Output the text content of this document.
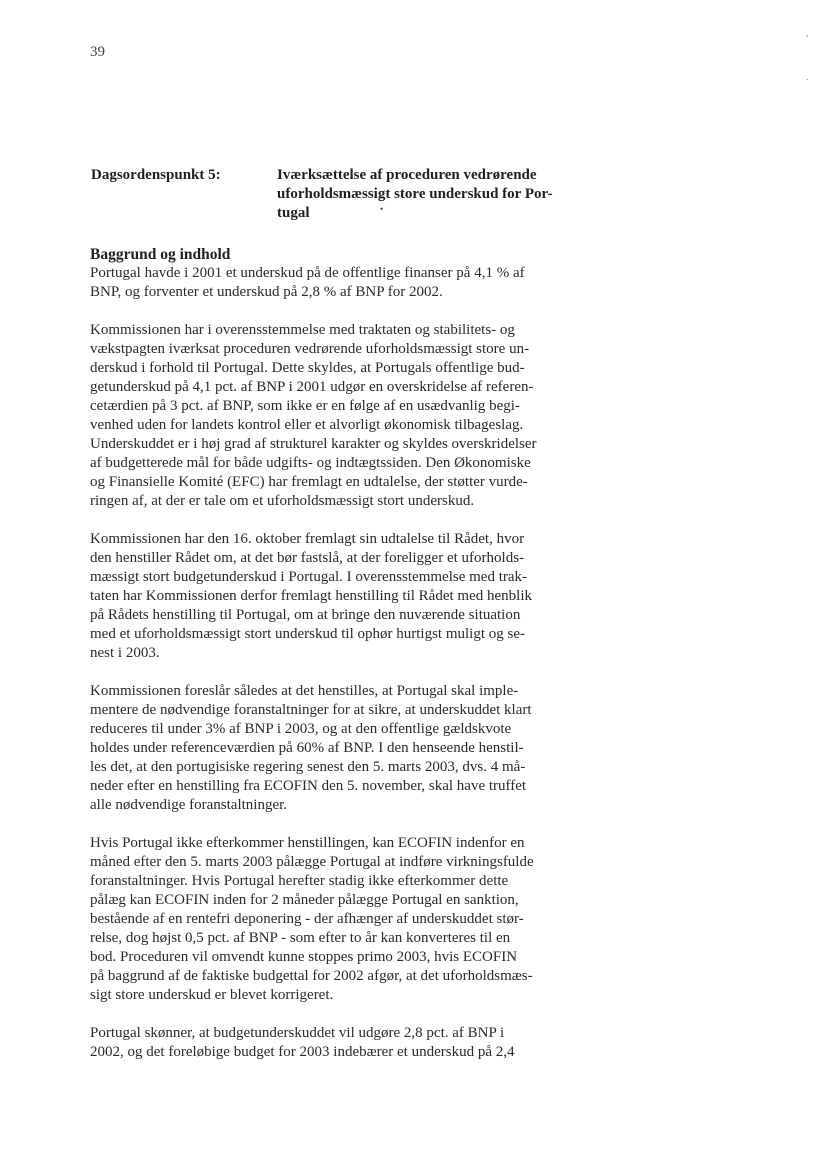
39
Dagsordenspunkt 5:	Iværksættelse af proceduren vedrørende
uforholdsmæssigt store underskud for Por-
tugal
Baggrund og indhold

Portugal havde i 2001 et underskud på de offentlige finanser på 4,1 % af
BNP, og forventer et underskud på 2,8 % af BNP for 2002.

Kommissionen har i overensstemmelse med traktaten og stabilitets- og
vækstpagten iværksat proceduren vedrørende uforholdsmæssigt store un-
derskud i forhold til Portugal. Dette skyldes, at Portugals offentlige bud-
getunderskud på 4,1 pct. af BNP i 2001 udgør en overskridelse af referen-
cetærdien på 3 pct. af BNP, som ikke er en følge af en usædvanlig begi-
venhed uden for landets kontrol eller et alvorligt økonomisk tilbageslag.
Underskuddet er i høj grad af strukturel karakter og skyldes overskridelser
af budgetterede mål for både udgifts- og indtægtssiden. Den Økonomiske
og Finansielle Komité (EFC) har fremlagt en udtalelse, der støtter vurde-
ringen af, at der er tale om et uforholdsmæssigt stort underskud.

Kommissionen har den 16. oktober fremlagt sin udtalelse til Rådet, hvor
den henstiller Rådet om, at det bør fastslå, at der foreligger et uforholds-
mæssigt stort budgetunderskud i Portugal. I overensstemmelse med trak-
taten har Kommissionen derfor fremlagt henstilling til Rådet med henblik
på Rådets henstilling til Portugal, om at bringe den nuværende situation
med et uforholdsmæssigt stort underskud til ophør hurtigst muligt og se-
nest i 2003.

Kommissionen foreslår således at det henstilles, at Portugal skal imple-
mentere de nødvendige foranstaltninger for at sikre, at underskuddet klart
reduceres til under 3% af BNP i 2003, og at den offentlige gældskvote
holdes under referenceværdien på 60% af BNP. I den henseende henstil-
les det, at den portugisiske regering senest den 5. marts 2003, dvs. 4 må-
neder efter en henstilling fra ECOFIN den 5. november, skal have truffet
alle nødvendige foranstaltninger.

Hvis Portugal ikke efterkommer henstillingen, kan ECOFIN indenfor en
måned efter den 5. marts 2003 pålægge Portugal at indføre virkningsfulde
foranstaltninger. Hvis Portugal herefter stadig ikke efterkommer dette
pålæg kan ECOFIN inden for 2 måneder pålægge Portugal en sanktion,
bestående af en rentefri deponering - der afhænger af underskuddet stør-
relse, dog højst 0,5 pct. af BNP - som efter to år kan konverteres til en
bod. Proceduren vil omvendt kunne stoppes primo 2003, hvis ECOFIN
på baggrund af de faktiske budgettal for 2002 afgør, at det uforholdsmæs-
sigt store underskud er blevet korrigeret.

Portugal skønner, at budgetunderskuddet vil udgøre 2,8 pct. af BNP i
2002, og det foreløbige budget for 2003 indebærer et underskud på 2,4

,
.
•
